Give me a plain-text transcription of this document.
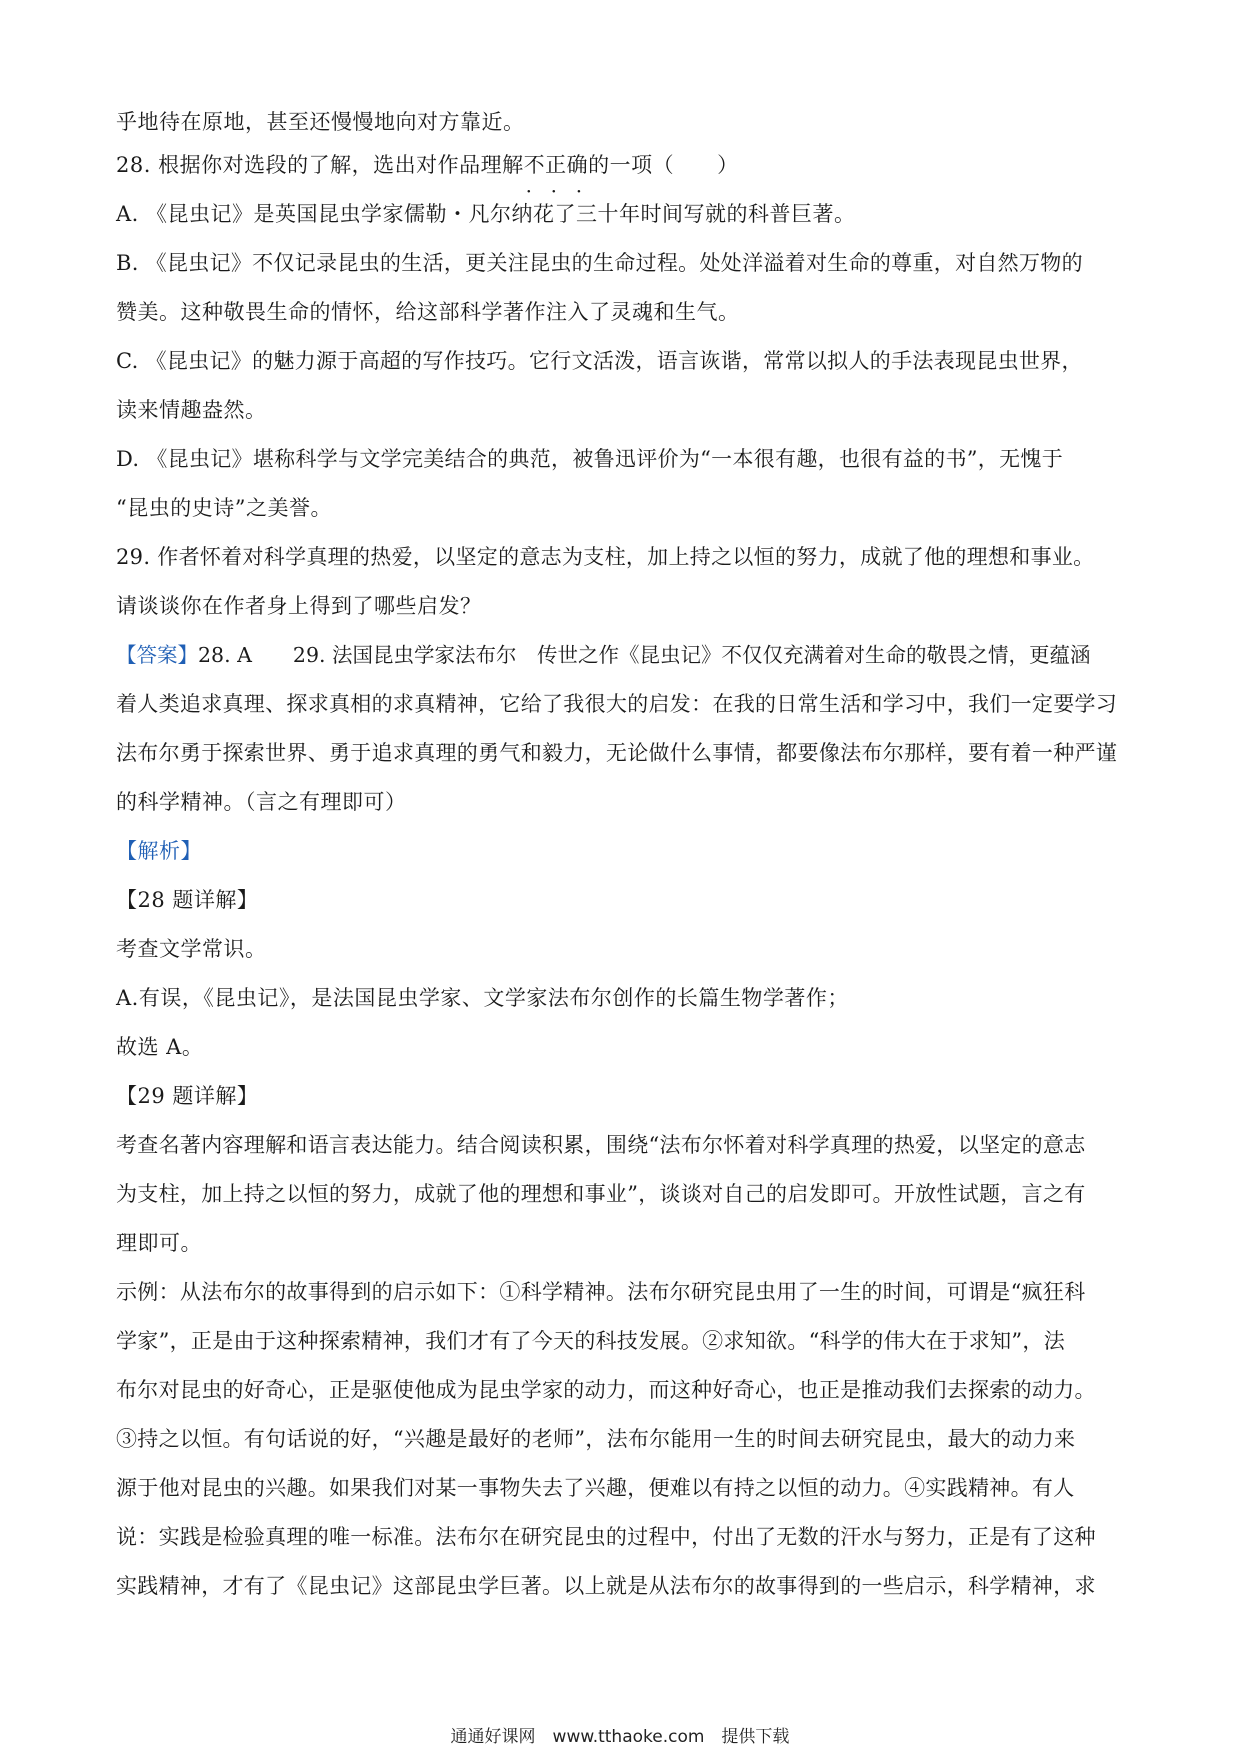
乎地待在原地，甚至还慢慢地向对方靠近。
28. 根据你对选段的了解，选出对作品理解不正确 ·  ·  ·的一项（　　）
A. 《昆虫记》是英国昆虫学家儒勒・凡尔纳花了三十年时间写就的科普巨著。
B. 《昆虫记》不仅记录昆虫的生活，更关注昆虫的生命过程。处处洋溢着对生命的尊重，对自然万物的
赞美。这种敬畏生命的情怀，给这部科学著作注入了灵魂和生气。
C. 《昆虫记》的魅力源于高超的写作技巧。它行文活泼，语言诙谐，常常以拟人的手法表现昆虫世界，
读来情趣盎然。
D. 《昆虫记》堪称科学与文学完美结合的典范，被鲁迅评价为“一本很有趣，也很有益的书”，无愧于
“昆虫的史诗”之美誉。
29. 作者怀着对科学真理的热爱，以坚定的意志为支柱，加上持之以恒的努力，成就了他的理想和事业。
请谈谈你在作者身上得到了哪些启发？
【答案】28. A　　29. 法国昆虫学家法布尔　传世之作《昆虫记》不仅仅充满着对生命的敬畏之情，更蕴涵
着人类追求真理、探求真相的求真精神，它给了我很大的启发：在我的日常生活和学习中，我们一定要学习
法布尔勇于探索世界、勇于追求真理的勇气和毅力，无论做什么事情，都要像法布尔那样，要有着一种严谨
的科学精神。（言之有理即可）
【解析】
【28 题详解】
考查文学常识。
A.有误，《昆虫记》，是法国昆虫学家、文学家法布尔创作的长篇生物学著作；
故选 A。
【29 题详解】
考查名著内容理解和语言表达能力。结合阅读积累，围绕“法布尔怀着对科学真理的热爱，以坚定的意志
为支柱，加上持之以恒的努力，成就了他的理想和事业”，谈谈对自己的启发即可。开放性试题，言之有
理即可。
示例：从法布尔的故事得到的启示如下：①科学精神。法布尔研究昆虫用了一生的时间，可谓是“疯狂科
学家”，正是由于这种探索精神，我们才有了今天的科技发展。②求知欲。“科学的伟大在于求知”，法
布尔对昆虫的好奇心，正是驱使他成为昆虫学家的动力，而这种好奇心，也正是推动我们去探索的动力。
③持之以恒。有句话说的好，“兴趣是最好的老师”，法布尔能用一生的时间去研究昆虫，最大的动力来
源于他对昆虫的兴趣。如果我们对某一事物失去了兴趣，便难以有持之以恒的动力。④实践精神。有人
说：实践是检验真理的唯一标准。法布尔在研究昆虫的过程中，付出了无数的汗水与努力，正是有了这种
实践精神，才有了《昆虫记》这部昆虫学巨著。以上就是从法布尔的故事得到的一些启示，科学精神，求
通通好课网　www.tthaoke.com　提供下载
